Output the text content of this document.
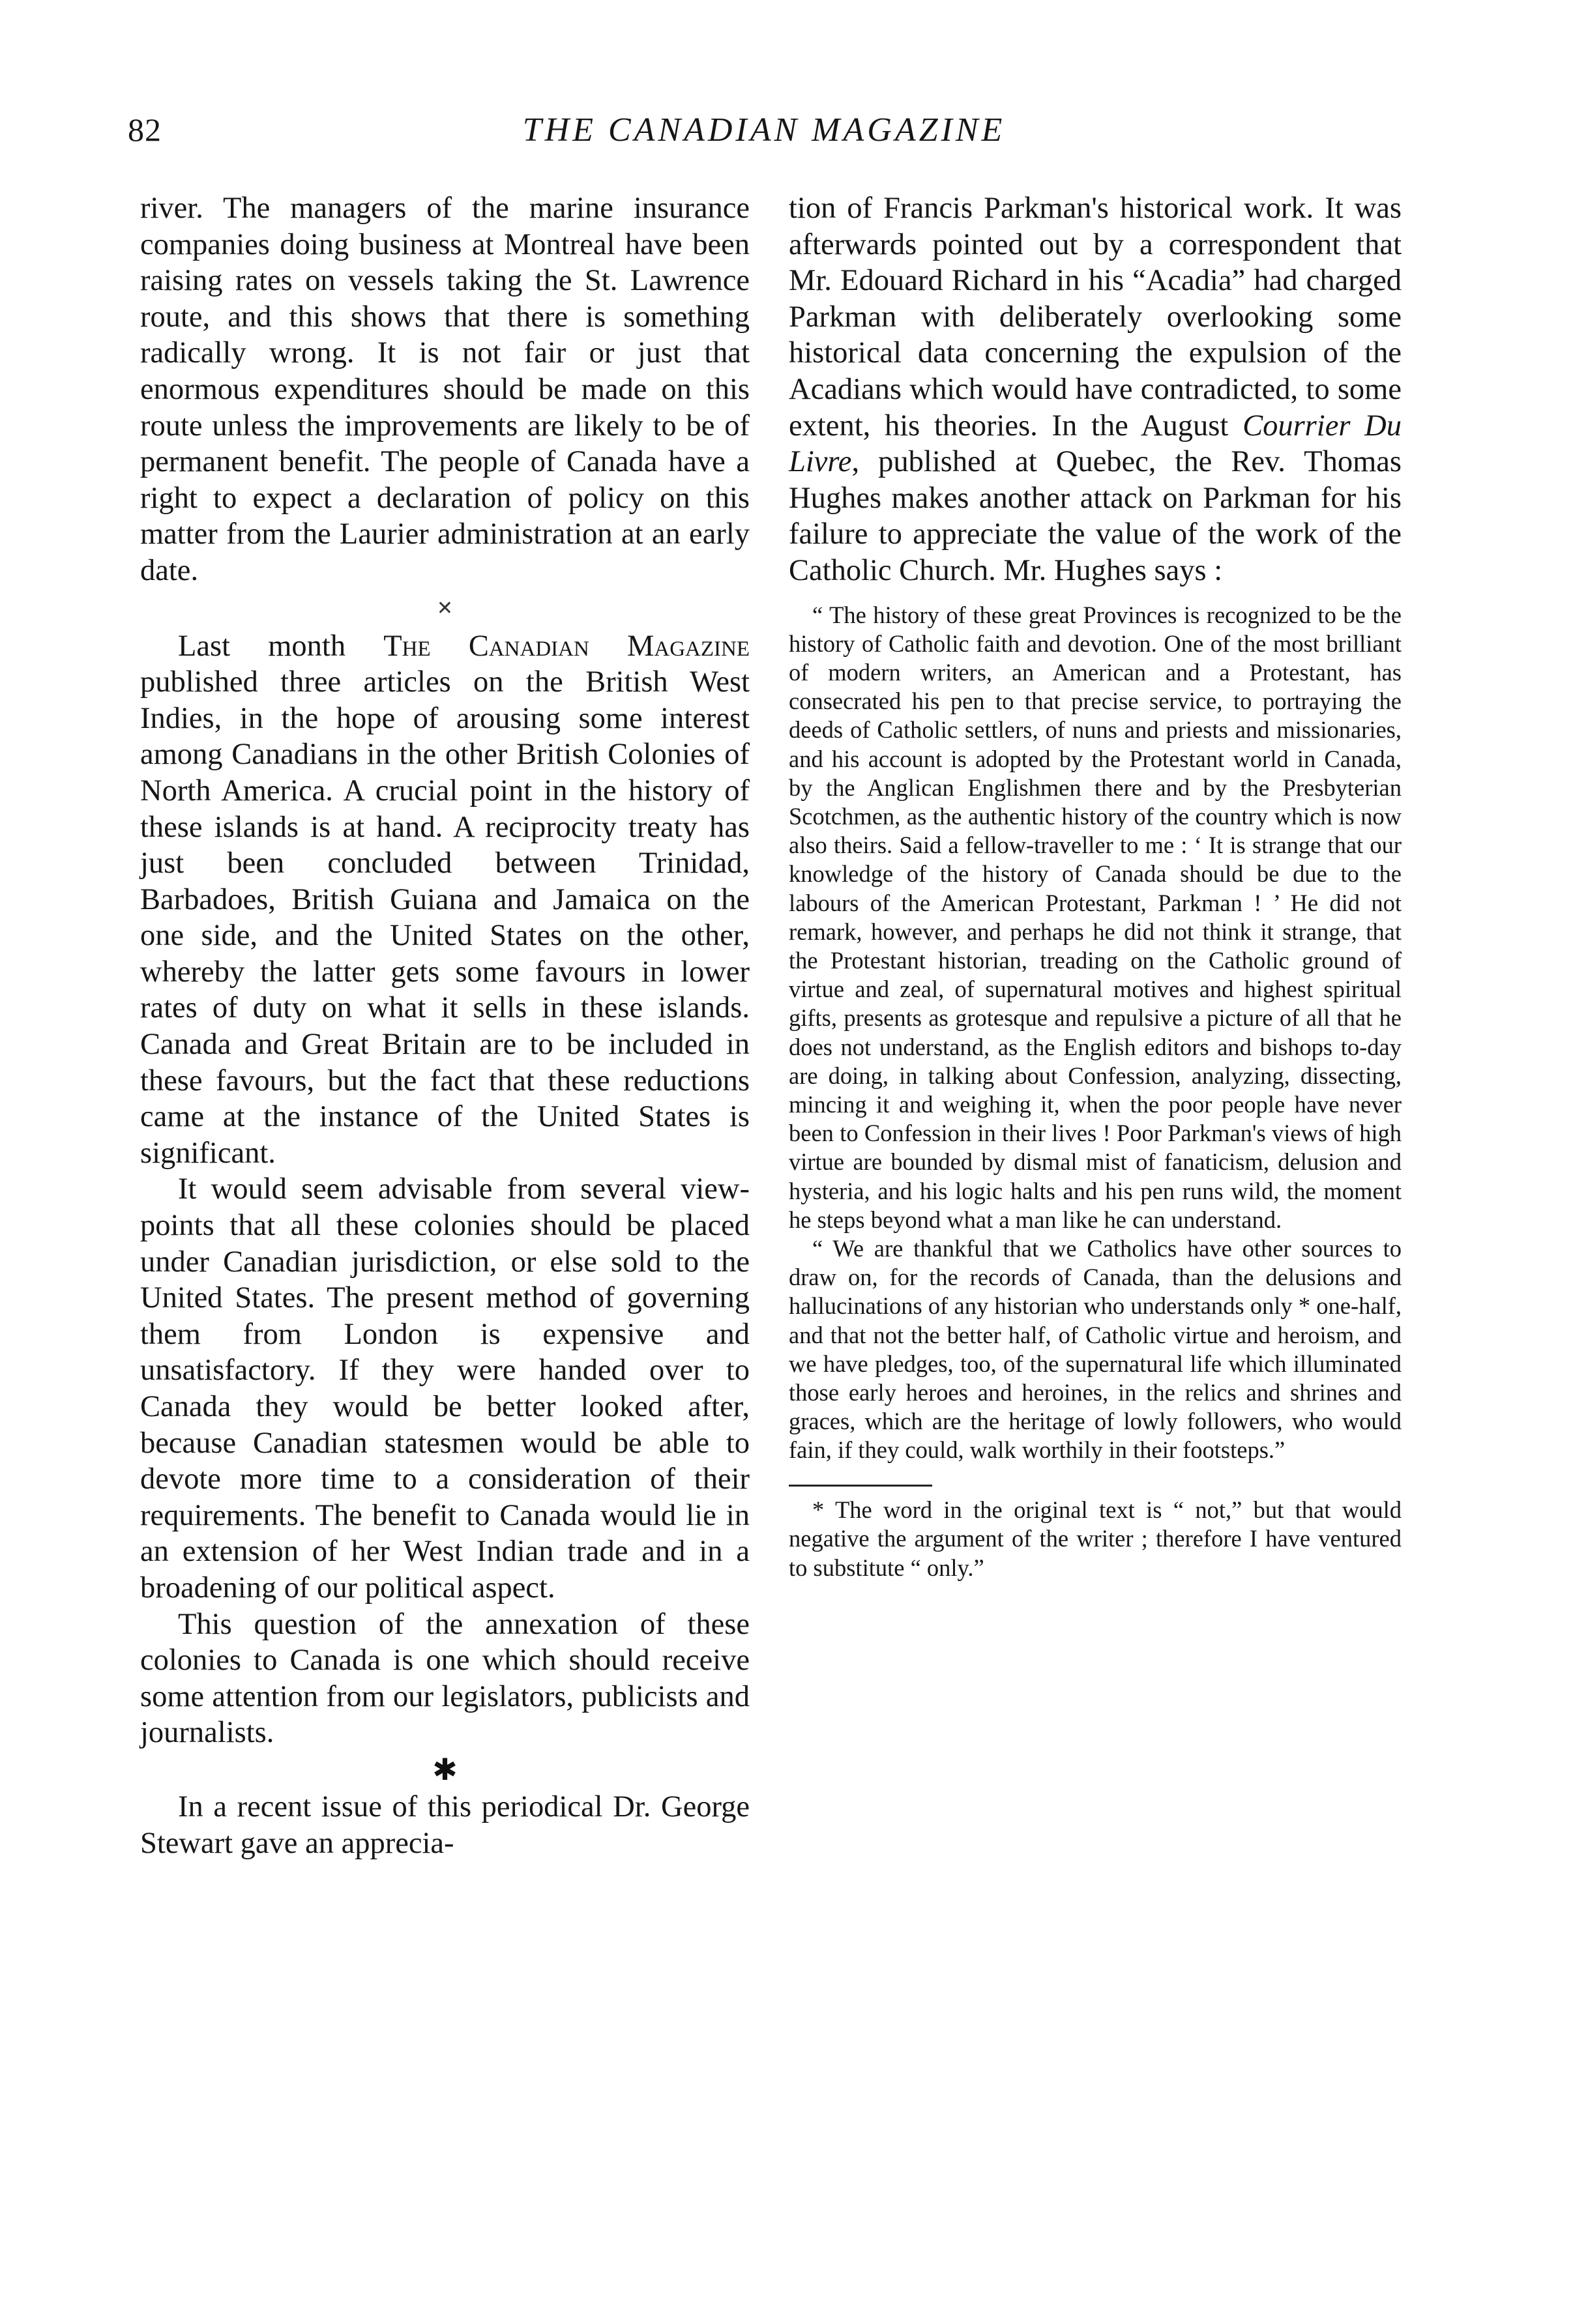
82	THE CANADIAN MAGAZINE

river. The managers of the marine insurance companies doing business at Montreal have been raising rates on vessels taking the St. Lawrence route, and this shows that there is something radically wrong. It is not fair or just that enormous expenditures should be made on this route unless the improvements are likely to be of permanent benefit. The people of Canada have a right to expect a declaration of policy on this matter from the Laurier administration at an early date.

✕

Last month The Canadian Magazine published three articles on the British West Indies, in the hope of arousing some interest among Canadians in the other British Colonies of North America. A crucial point in the history of these islands is at hand. A reciprocity treaty has just been concluded between Trinidad, Barbadoes, British Guiana and Jamaica on the one side, and the United States on the other, whereby the latter gets some favours in lower rates of duty on what it sells in these islands. Canada and Great Britain are to be included in these favours, but the fact that these reductions came at the instance of the United States is significant.

It would seem advisable from several view-points that all these colonies should be placed under Canadian jurisdiction, or else sold to the United States. The present method of governing them from London is expensive and unsatisfactory. If they were handed over to Canada they would be better looked after, because Canadian statesmen would be able to devote more time to a consideration of their requirements. The benefit to Canada would lie in an extension of her West Indian trade and in a broadening of our political aspect.

This question of the annexation of these colonies to Canada is one which should receive some attention from our legislators, publicists and journalists.

✱

In a recent issue of this periodical Dr. George Stewart gave an apprecia-

tion of Francis Parkman's historical work. It was afterwards pointed out by a correspondent that Mr. Edouard Richard in his “Acadia” had charged Parkman with deliberately overlooking some historical data concerning the expulsion of the Acadians which would have contradicted, to some extent, his theories. In the August Courrier Du Livre, published at Quebec, the Rev. Thomas Hughes makes another attack on Parkman for his failure to appreciate the value of the work of the Catholic Church. Mr. Hughes says :

“ The history of these great Provinces is recognized to be the history of Catholic faith and devotion. One of the most brilliant of modern writers, an American and a Protestant, has consecrated his pen to that precise service, to portraying the deeds of Catholic settlers, of nuns and priests and missionaries, and his account is adopted by the Protestant world in Canada, by the Anglican Englishmen there and by the Presbyterian Scotchmen, as the authentic history of the country which is now also theirs. Said a fellow-traveller to me : ‘ It is strange that our knowledge of the history of Canada should be due to the labours of the American Protestant, Parkman ! ’ He did not remark, however, and perhaps he did not think it strange, that the Protestant historian, treading on the Catholic ground of virtue and zeal, of supernatural motives and highest spiritual gifts, presents as grotesque and repulsive a picture of all that he does not understand, as the English editors and bishops to-day are doing, in talking about Confession, analyzing, dissecting, mincing it and weighing it, when the poor people have never been to Confession in their lives ! Poor Parkman's views of high virtue are bounded by dismal mist of fanaticism, delusion and hysteria, and his logic halts and his pen runs wild, the moment he steps beyond what a man like he can understand.

“ We are thankful that we Catholics have other sources to draw on, for the records of Canada, than the delusions and hallucinations of any historian who understands only * one-half, and that not the better half, of Catholic virtue and heroism, and we have pledges, too, of the supernatural life which illuminated those early heroes and heroines, in the relics and shrines and graces, which are the heritage of lowly followers, who would fain, if they could, walk worthily in their footsteps.”

* The word in the original text is “ not,” but that would negative the argument of the writer ; therefore I have ventured to substitute “ only.”
